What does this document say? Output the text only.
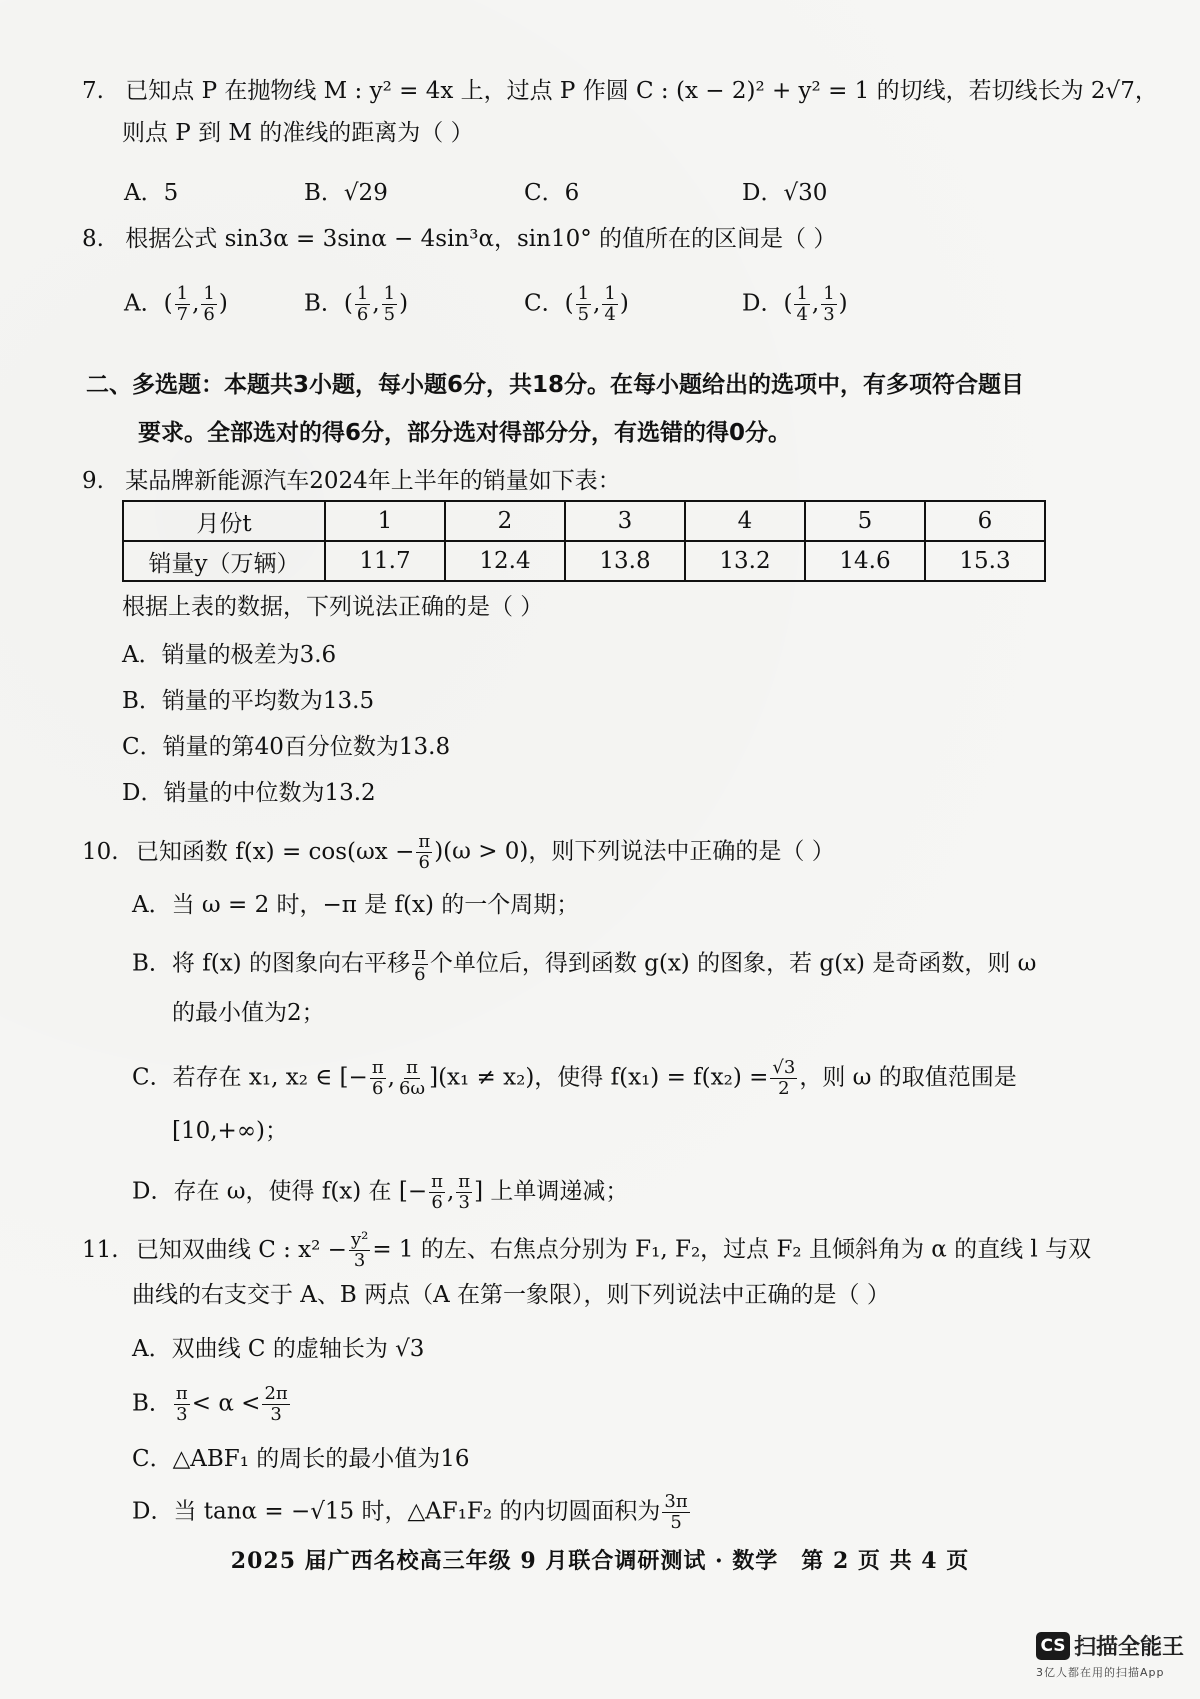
7. 已知点 P 在抛物线 M : y² = 4x 上，过点 P 作圆 C : (x − 2)² + y² = 1 的切线，若切线长为 2√7，
则点 P 到 M 的准线的距离为（ ）
A．5	B．√29	C．6	D．√30
8. 根据公式 sin3α = 3sinα − 4sin³α，sin10° 的值所在的区间是（ ）
A．( $\frac{1}{7}$ , $\frac{1}{6}$ )	B．( $\frac{1}{6}$ , $\frac{1}{5}$ )	C．( $\frac{1}{5}$ , $\frac{1}{4}$ )	D．( $\frac{1}{4}$ , $\frac{1}{3}$ )
二、多选题：本题共3小题，每小题6分，共18分。在每小题给出的选项中，有多项符合题目
要求。全部选对的得6分，部分选对得部分分，有选错的得0分。
9. 某品牌新能源汽车2024年上半年的销量如下表：
月份t	1	2	3	4	5	6
销量y（万辆）	11.7	12.4	13.8	13.2	14.6	15.3
根据上表的数据，下列说法正确的是（ ）
A．销量的极差为3.6
B．销量的平均数为13.5
C．销量的第40百分位数为13.8
D．销量的中位数为13.2
10. 已知函数 $f(x) = \cos(\omega x - \frac{\pi}{6} )(\omega > 0)$，则下列说法中正确的是（ ）
A．当 ω = 2 时，−π 是 f(x) 的一个周期；
B．将 f(x) 的图象向右平移 $\frac{\pi}{6}$ 个单位后，得到函数 g(x) 的图象，若 g(x) 是奇函数，则 ω
的最小值为2；
C．若存在 x₁, x₂ ∈ [− $\frac{\pi}{6}$ , $\frac{\pi}{6\omega} ](x_1 \ne x_2)$，使得 $f(x_1) = f(x_2) = \frac{√3}{2}$ ，则 ω 的取值范围是
[10,+∞)；
D．存在 ω，使得 f(x) 在 [− $\frac{\pi}{6}$ , $\frac{\pi}{3}$ ] 上单调递减；
11. 已知双曲线 C : $x^2 - \frac{\text{y²}}{3} = 1$ 的左、右焦点分别为 F₁, F₂，过点 F₂ 且倾斜角为 α 的直线 l 与双
曲线的右支交于 A、B 两点（A 在第一象限），则下列说法中正确的是（ ）
A．双曲线 C 的虚轴长为 √3
B． $\frac{\pi}{3} < \alpha < \frac{2\pi}{3}$
C．△ABF₁ 的周长的最小值为16
D．当 tanα = −√15 时，△AF₁F₂ 的内切圆面积为 $\frac{3\pi}{5}$
2025 届广西名校高三年级 9 月联合调研测试 · 数学　第 2 页 共 4 页
CS 扫描全能王
3亿人都在用的扫描App
